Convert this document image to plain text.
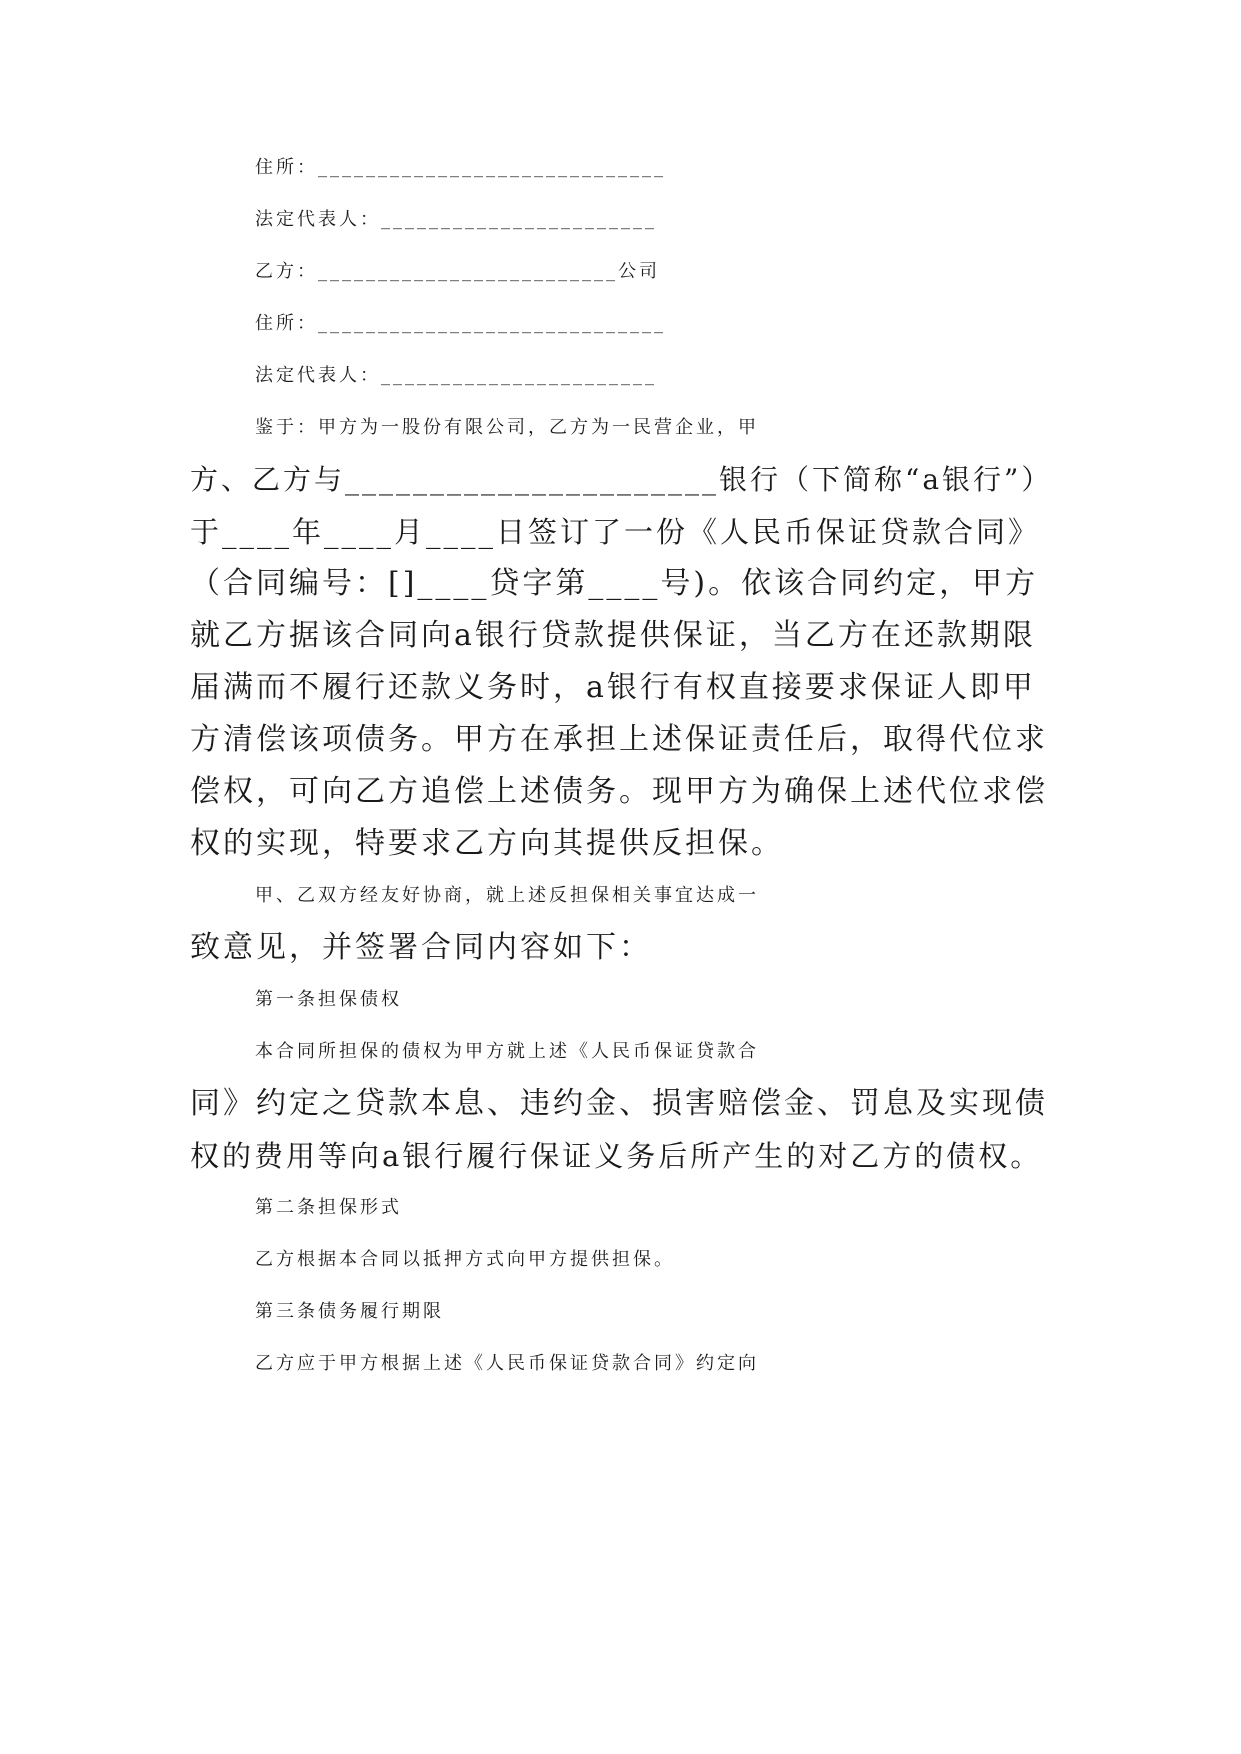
住所：_____________________________
法定代表人：_______________________
乙方：_________________________公司
住所：_____________________________
法定代表人：_______________________
鉴于：甲方为一股份有限公司，乙方为一民营企业，甲
方、乙方与______________________银行（下简称“a银行”）
于____年____月____日签订了一份《人民币保证贷款合同》
（合同编号：[]____贷字第____号)。依该合同约定，甲方
就乙方据该合同向a银行贷款提供保证，当乙方在还款期限
届满而不履行还款义务时，a银行有权直接要求保证人即甲
方清偿该项债务。甲方在承担上述保证责任后，取得代位求
偿权，可向乙方追偿上述债务。现甲方为确保上述代位求偿
权的实现，特要求乙方向其提供反担保。
甲、乙双方经友好协商，就上述反担保相关事宜达成一
致意见，并签署合同内容如下：
第一条担保债权
本合同所担保的债权为甲方就上述《人民币保证贷款合
同》约定之贷款本息、违约金、损害赔偿金、罚息及实现债
权的费用等向a银行履行保证义务后所产生的对乙方的债权。
第二条担保形式
乙方根据本合同以抵押方式向甲方提供担保。
第三条债务履行期限
乙方应于甲方根据上述《人民币保证贷款合同》约定向
